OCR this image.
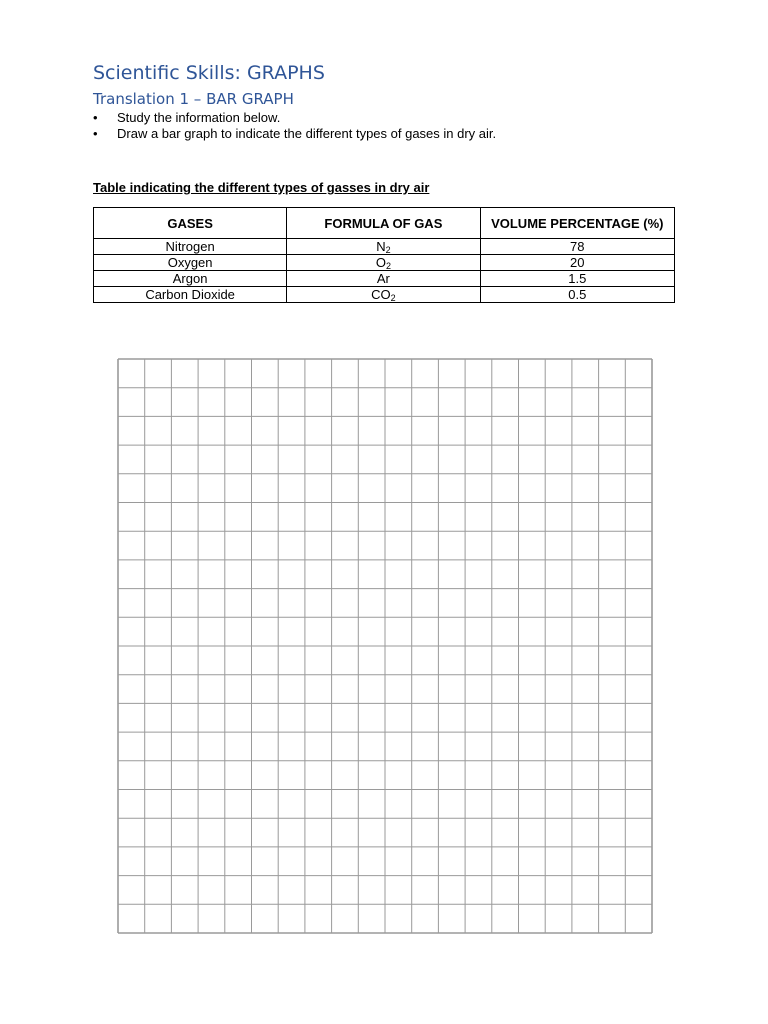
Scientific Skills: GRAPHS
Translation 1 – BAR GRAPH
• Study the information below.
• Draw a bar graph to indicate the different types of gases in dry air.
Table indicating the different types of gasses in dry air
GASES	FORMULA OF GAS	VOLUME PERCENTAGE (%)
Nitrogen	$N_2$	78
Oxygen	$O_2$	20
Argon	Ar	1.5
Carbon Dioxide	$CO_2$	0.5
